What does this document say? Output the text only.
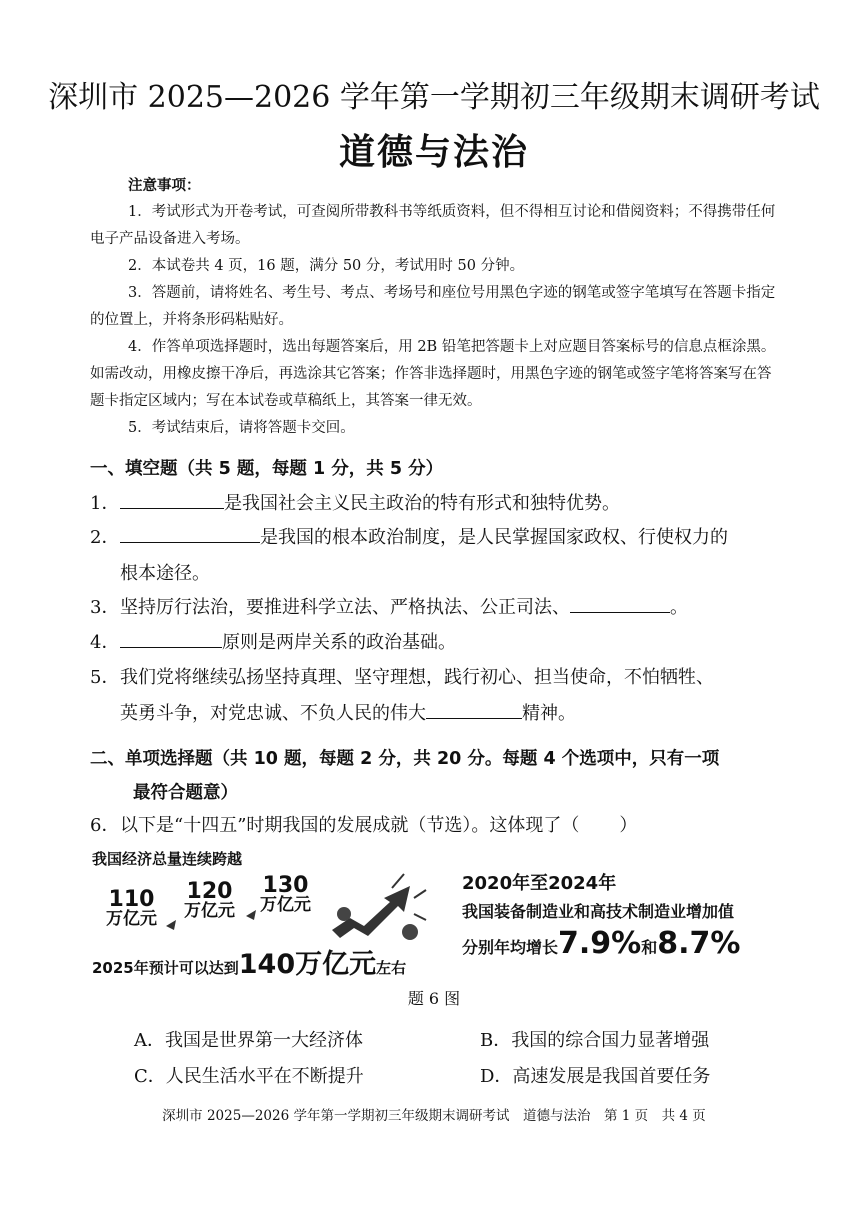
深圳市 2025—2026 学年第一学期初三年级期末调研考试
道德与法治
注意事项：

1．考试形式为开卷考试，可查阅所带教科书等纸质资料，但不得相互讨论和借阅资料；不得携带任何电子产品设备进入考场。

2．本试卷共 4 页，16 题，满分 50 分，考试用时 50 分钟。

3．答题前，请将姓名、考生号、考点、考场号和座位号用黑色字迹的钢笔或签字笔填写在答题卡指定的位置上，并将条形码粘贴好。

4．作答单项选择题时，选出每题答案后，用 2B 铅笔把答题卡上对应题目答案标号的信息点框涂黑。如需改动，用橡皮擦干净后，再选涂其它答案；作答非选择题时，用黑色字迹的钢笔或签字笔将答案写在答题卡指定区域内；写在本试卷或草稿纸上，其答案一律无效。

5．考试结束后，请将答题卡交回。

一、填空题（共 5 题，每题 1 分，共 5 分）
1．	是我国社会主义民主政治的特有形式和独特优势。
2．	是我国的根本政治制度，是人民掌握国家政权、行使权力的
根本途径。
3．坚持厉行法治，要推进科学立法、严格执法、公正司法、	。
4．	原则是两岸关系的政治基础。
5．我们党将继续弘扬坚持真理、坚守理想，践行初心、担当使命，不怕牺牲、
英勇斗争，对党忠诚、不负人民的伟大	精神。
二、单项选择题（共 10 题，每题 2 分，共 20 分。每题 4 个选项中，只有一项
最符合题意）
6．以下是“十四五”时期我国的发展成就（节选）。这体现了（ ）
我国经济总量连续跨越
110
万亿元
120
万亿元
130
万亿元
2025年预计可以达到140万亿元左右
2020年至2024年
我国装备制造业和高技术制造业增加值
分别年均增长7.9%和8.7%
题 6 图
A．我国是世界第一大经济体	B．我国的综合国力显著增强
C．人民生活水平在不断提升	D．高速发展是我国首要任务
深圳市 2025—2026 学年第一学期初三年级期末调研考试　道德与法治　第 1 页　共 4 页
